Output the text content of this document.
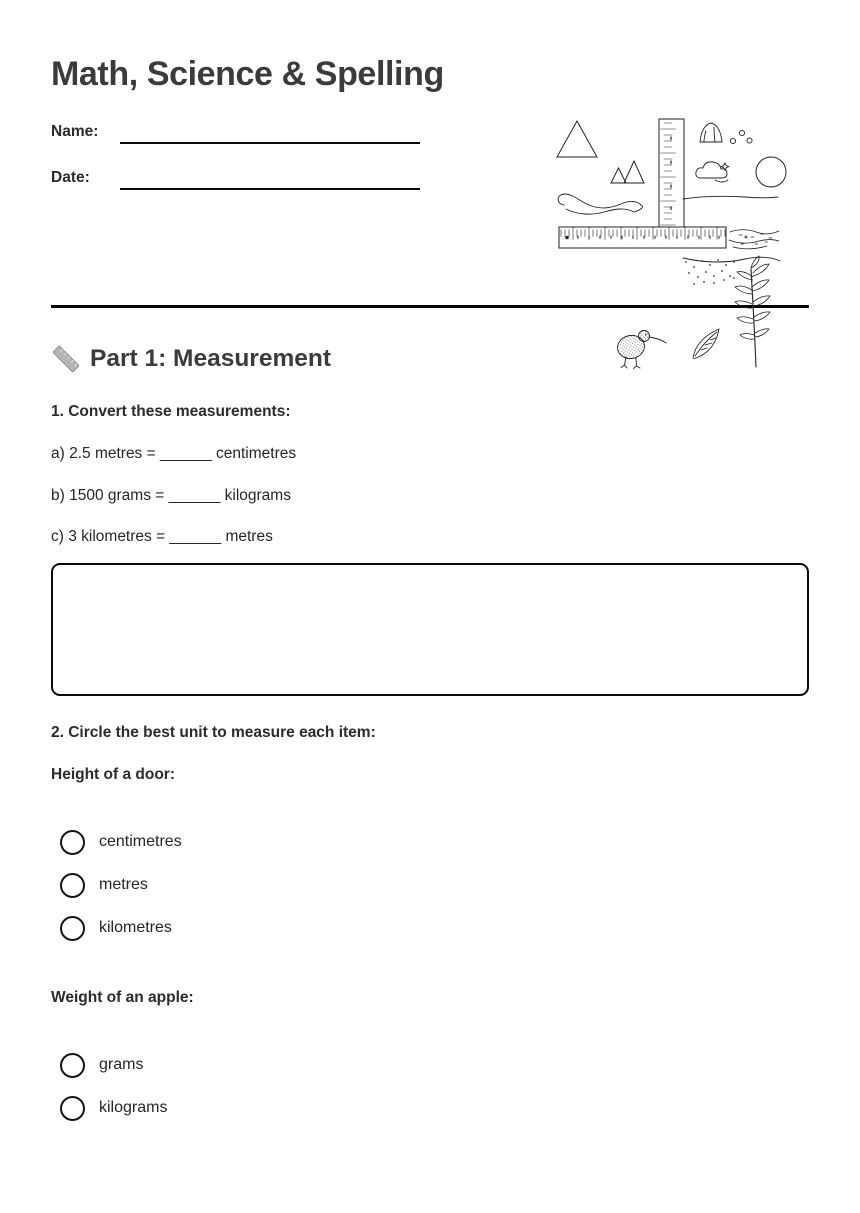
Math, Science & Spelling
Name:
Date:
Part 1: Measurement

1. Convert these measurements:

a) 2.5 metres = ______ centimetres

b) 1500 grams = ______ kilograms

c) 3 kilometres = ______ metres

2. Circle the best unit to measure each item:

Height of a door:

centimetres
metres
kilometres

Weight of an apple:

grams
kilograms
